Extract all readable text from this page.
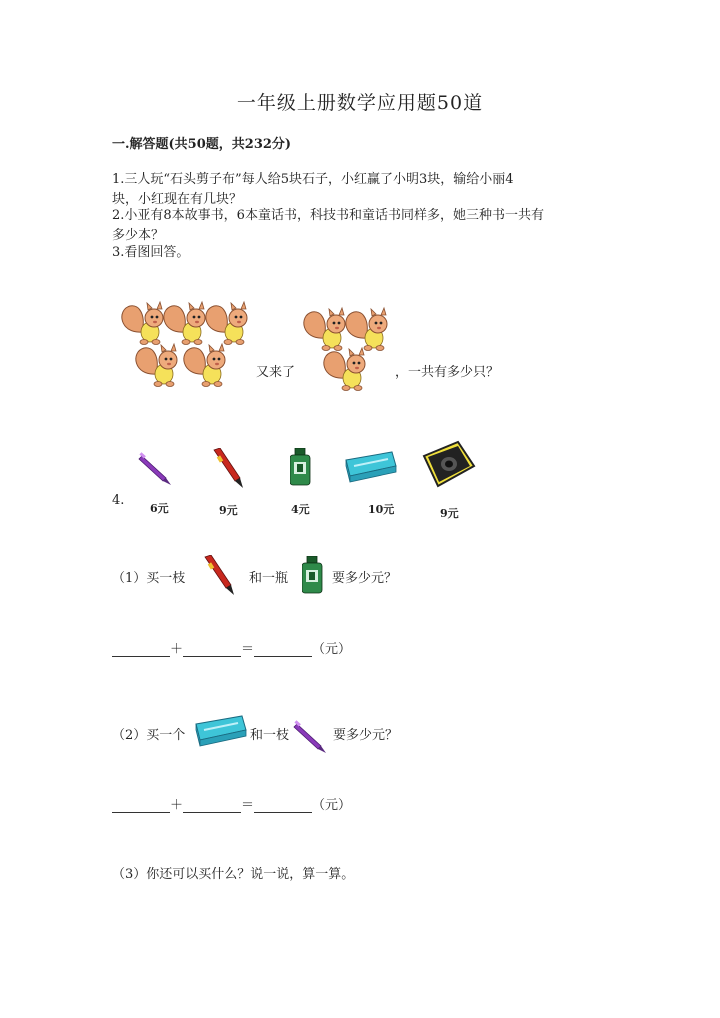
一年级上册数学应用题50道
一.解答题(共50题，共232分)
1.三人玩“石头剪子布”每人给5块石子，小红赢了小明3块，输给小丽4
块，小红现在有几块？
2.小亚有8本故事书，6本童话书，科技书和童话书同样多，她三种书一共有
多少本？
3.看图回答。
又来了	，一共有多少只？
4.
6元	9元	4元	10元	9元
（1）买一枝	和一瓶	要多少元？
＋	＝	（元）
（2）买一个	和一枝	要多少元？
＋	＝	（元）
（3）你还可以买什么？说一说，算一算。
